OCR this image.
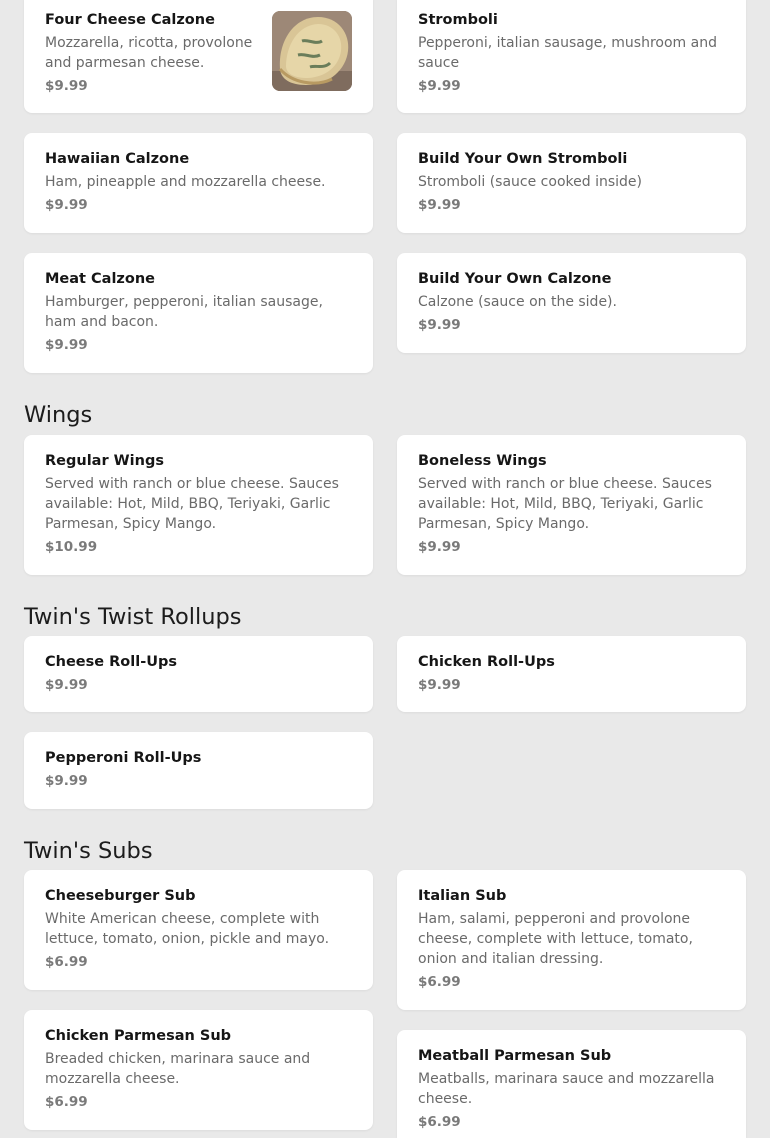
Four Cheese Calzone
Mozzarella, ricotta, provolone and parmesan cheese.
$9.99
Stromboli
Pepperoni, italian sausage, mushroom and sauce
$9.99
Hawaiian Calzone
Ham, pineapple and mozzarella cheese.
$9.99
Build Your Own Stromboli
Stromboli (sauce cooked inside)
$9.99
Meat Calzone
Hamburger, pepperoni, italian sausage, ham and bacon.
$9.99
Build Your Own Calzone
Calzone (sauce on the side).
$9.99
Wings
Regular Wings
Served with ranch or blue cheese. Sauces available: Hot, Mild, BBQ, Teriyaki, Garlic Parmesan, Spicy Mango.
$10.99
Boneless Wings
Served with ranch or blue cheese. Sauces available: Hot, Mild, BBQ, Teriyaki, Garlic Parmesan, Spicy Mango.
$9.99
Twin's Twist Rollups
Cheese Roll-Ups
$9.99
Chicken Roll-Ups
$9.99
Pepperoni Roll-Ups
$9.99
Twin's Subs
Cheeseburger Sub
White American cheese, complete with lettuce, tomato, onion, pickle and mayo.
$6.99
Italian Sub
Ham, salami, pepperoni and provolone cheese, complete with lettuce, tomato, onion and italian dressing.
$6.99
Chicken Parmesan Sub
Breaded chicken, marinara sauce and mozzarella cheese.
$6.99
Meatball Parmesan Sub
Meatballs, marinara sauce and mozzarella cheese.
$6.99
